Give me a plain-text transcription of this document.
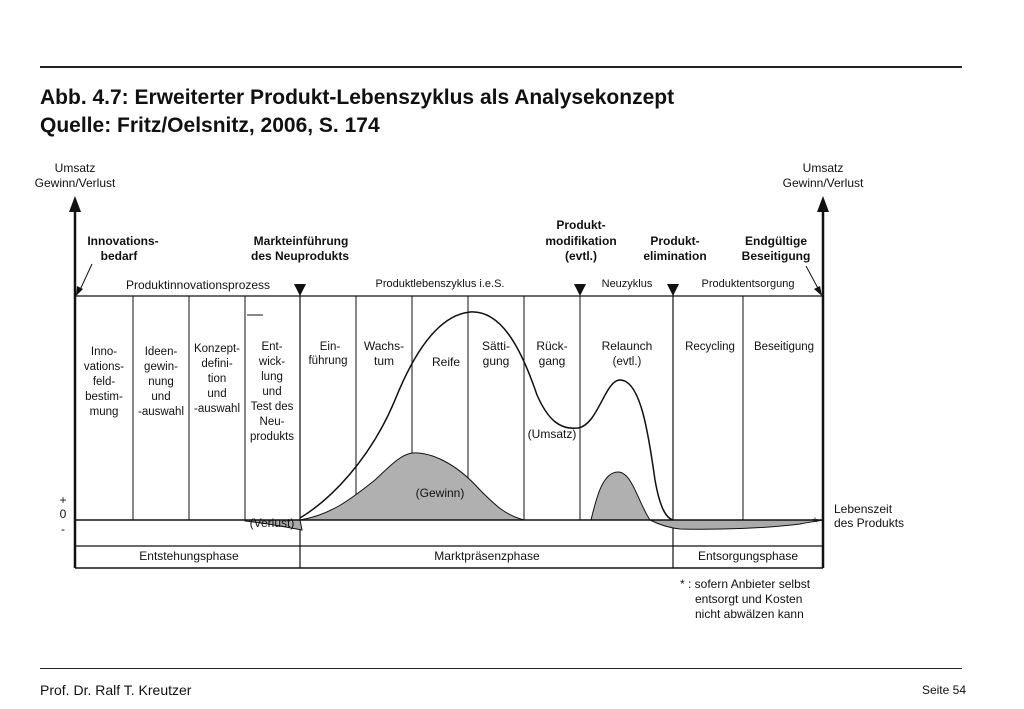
Abb. 4.7: Erweiterter Produkt-Lebenszyklus als Analysekonzept
Quelle: Fritz/Oelsnitz, 2006, S. 174
Umsatz
Gewinn/Verlust
Umsatz
Gewinn/Verlust
Innovations-
bedarf
Markteinführung
des Neuprodukts
Produkt-
modifikation
(evtl.)
Produkt-
elimination
Endgültige
Beseitigung
Produktinnovationsprozess	Produktlebenszyklus i.e.S.	Neuzyklus	Produktentsorgung
Inno-
vations-
feld-
bestim-
mung
Ideen-
gewin-
nung
und
-auswahl
Konzept-
defini-
tion
und
-auswahl
Ent-
wick-
lung
und
Test des
Neu-
produkts
Ein-
führung
Wachs-
tum	Reife
Sätti-
gung
Rück-
gang
Relaunch
(evtl.)
Recycling Beseitigung
(Umsatz)
(Gewinn)
(Verlust)
+
0
-
Lebenszeit
des Produkts
*
Entstehungsphase	Marktpräsenzphase	Entsorgungsphase
* : sofern Anbieter selbst
entsorgt und Kosten
nicht abwälzen kann
Prof. Dr. Ralf T. Kreutzer	Seite 54
